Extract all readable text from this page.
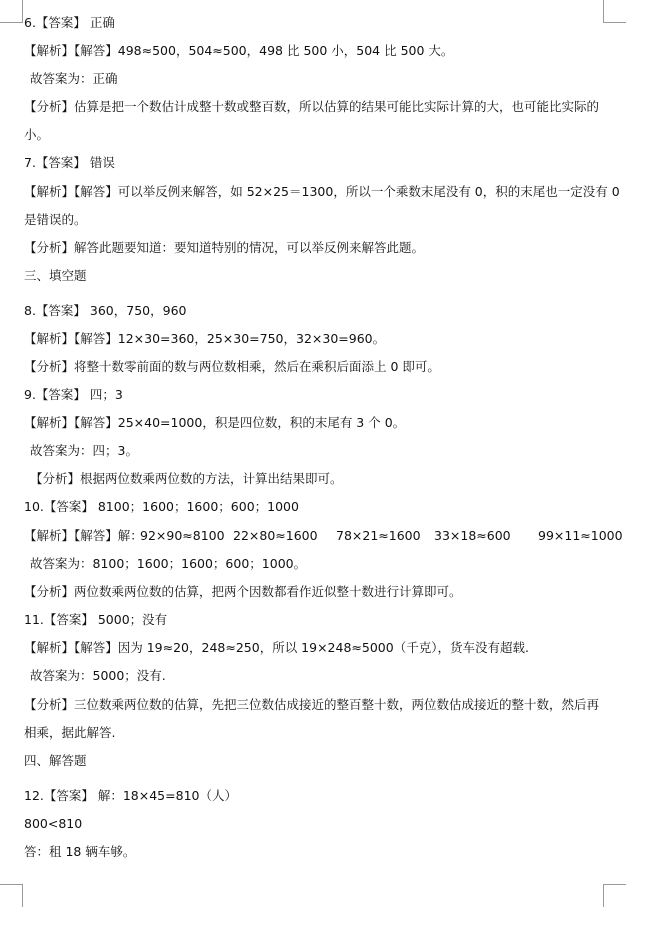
6.【答案】 正确
【解析】【解答】498≈500，504≈500，498 比 500 小，504 比 500 大。
故答案为：正确
【分析】估算是把一个数估计成整十数或整百数，所以估算的结果可能比实际计算的大，也可能比实际的
小。
7.【答案】 错误
【解析】【解答】可以举反例来解答，如 52×25＝1300，所以一个乘数末尾没有 0，积的末尾也一定没有 0
是错误的。
【分析】解答此题要知道：要知道特别的情况，可以举反例来解答此题。
三、填空题
8.【答案】 360，750，960
【解析】【解答】12×30=360，25×30=750，32×30=960。
【分析】将整十数零前面的数与两位数相乘，然后在乘积后面添上 0 即可。
9.【答案】 四；3
【解析】【解答】25×40=1000，积是四位数，积的末尾有 3 个 0。
故答案为：四；3。
【分析】根据两位数乘两位数的方法，计算出结果即可。
10.【答案】 8100；1600；1600；600；1000
【解析】【解答】解：
92×90≈8100 22×80≈1600 78×21≈1600 33×18≈600 99×11≈1000
故答案为：8100；1600；1600；600；1000。
【分析】两位数乘两位数的估算，把两个因数都看作近似整十数进行计算即可。
11.【答案】 5000；没有
【解析】【解答】因为 19≈20，248≈250，所以 19×248≈5000（千克），货车没有超载.
故答案为：5000；没有.
【分析】三位数乘两位数的估算，先把三位数估成接近的整百整十数，两位数估成接近的整十数，然后再
相乘，据此解答.
四、解答题
12.【答案】 解：18×45=810（人）
800<810
答：租 18 辆车够。
